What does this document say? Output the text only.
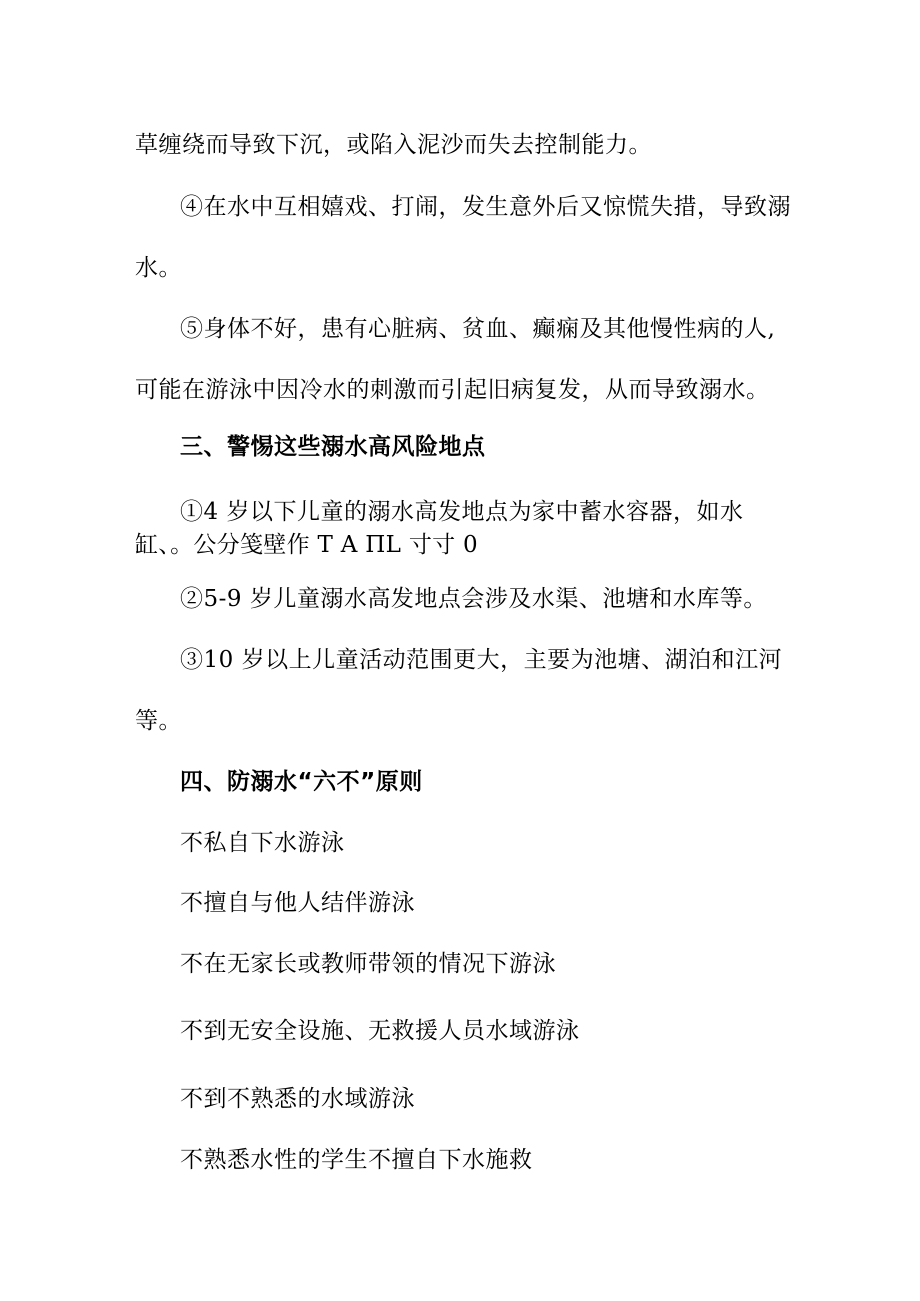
草缠绕而导致下沉，或陷入泥沙而失去控制能力。
④在水中互相嬉戏、打闹，发生意外后又惊慌失措，导致溺
水。
⑤身体不好，患有心脏病、贫血、癫痫及其他慢性病的人,
可能在游泳中因冷水的刺激而引起旧病复发，从而导致溺水。
三、警惕这些溺水高风险地点
①4 岁以下儿童的溺水高发地点为家中蓄水容器，如水
缸、。公分笺壁作 T A ΠL 寸寸 0
②5-9 岁儿童溺水高发地点会涉及水渠、池塘和水库等。
③10 岁以上儿童活动范围更大，主要为池塘、湖泊和江河
等。
四、防溺水“六不”原则
不私自下水游泳
不擅自与他人结伴游泳
不在无家长或教师带领的情况下游泳
不到无安全设施、无救援人员水域游泳
不到不熟悉的水域游泳
不熟悉水性的学生不擅自下水施救
